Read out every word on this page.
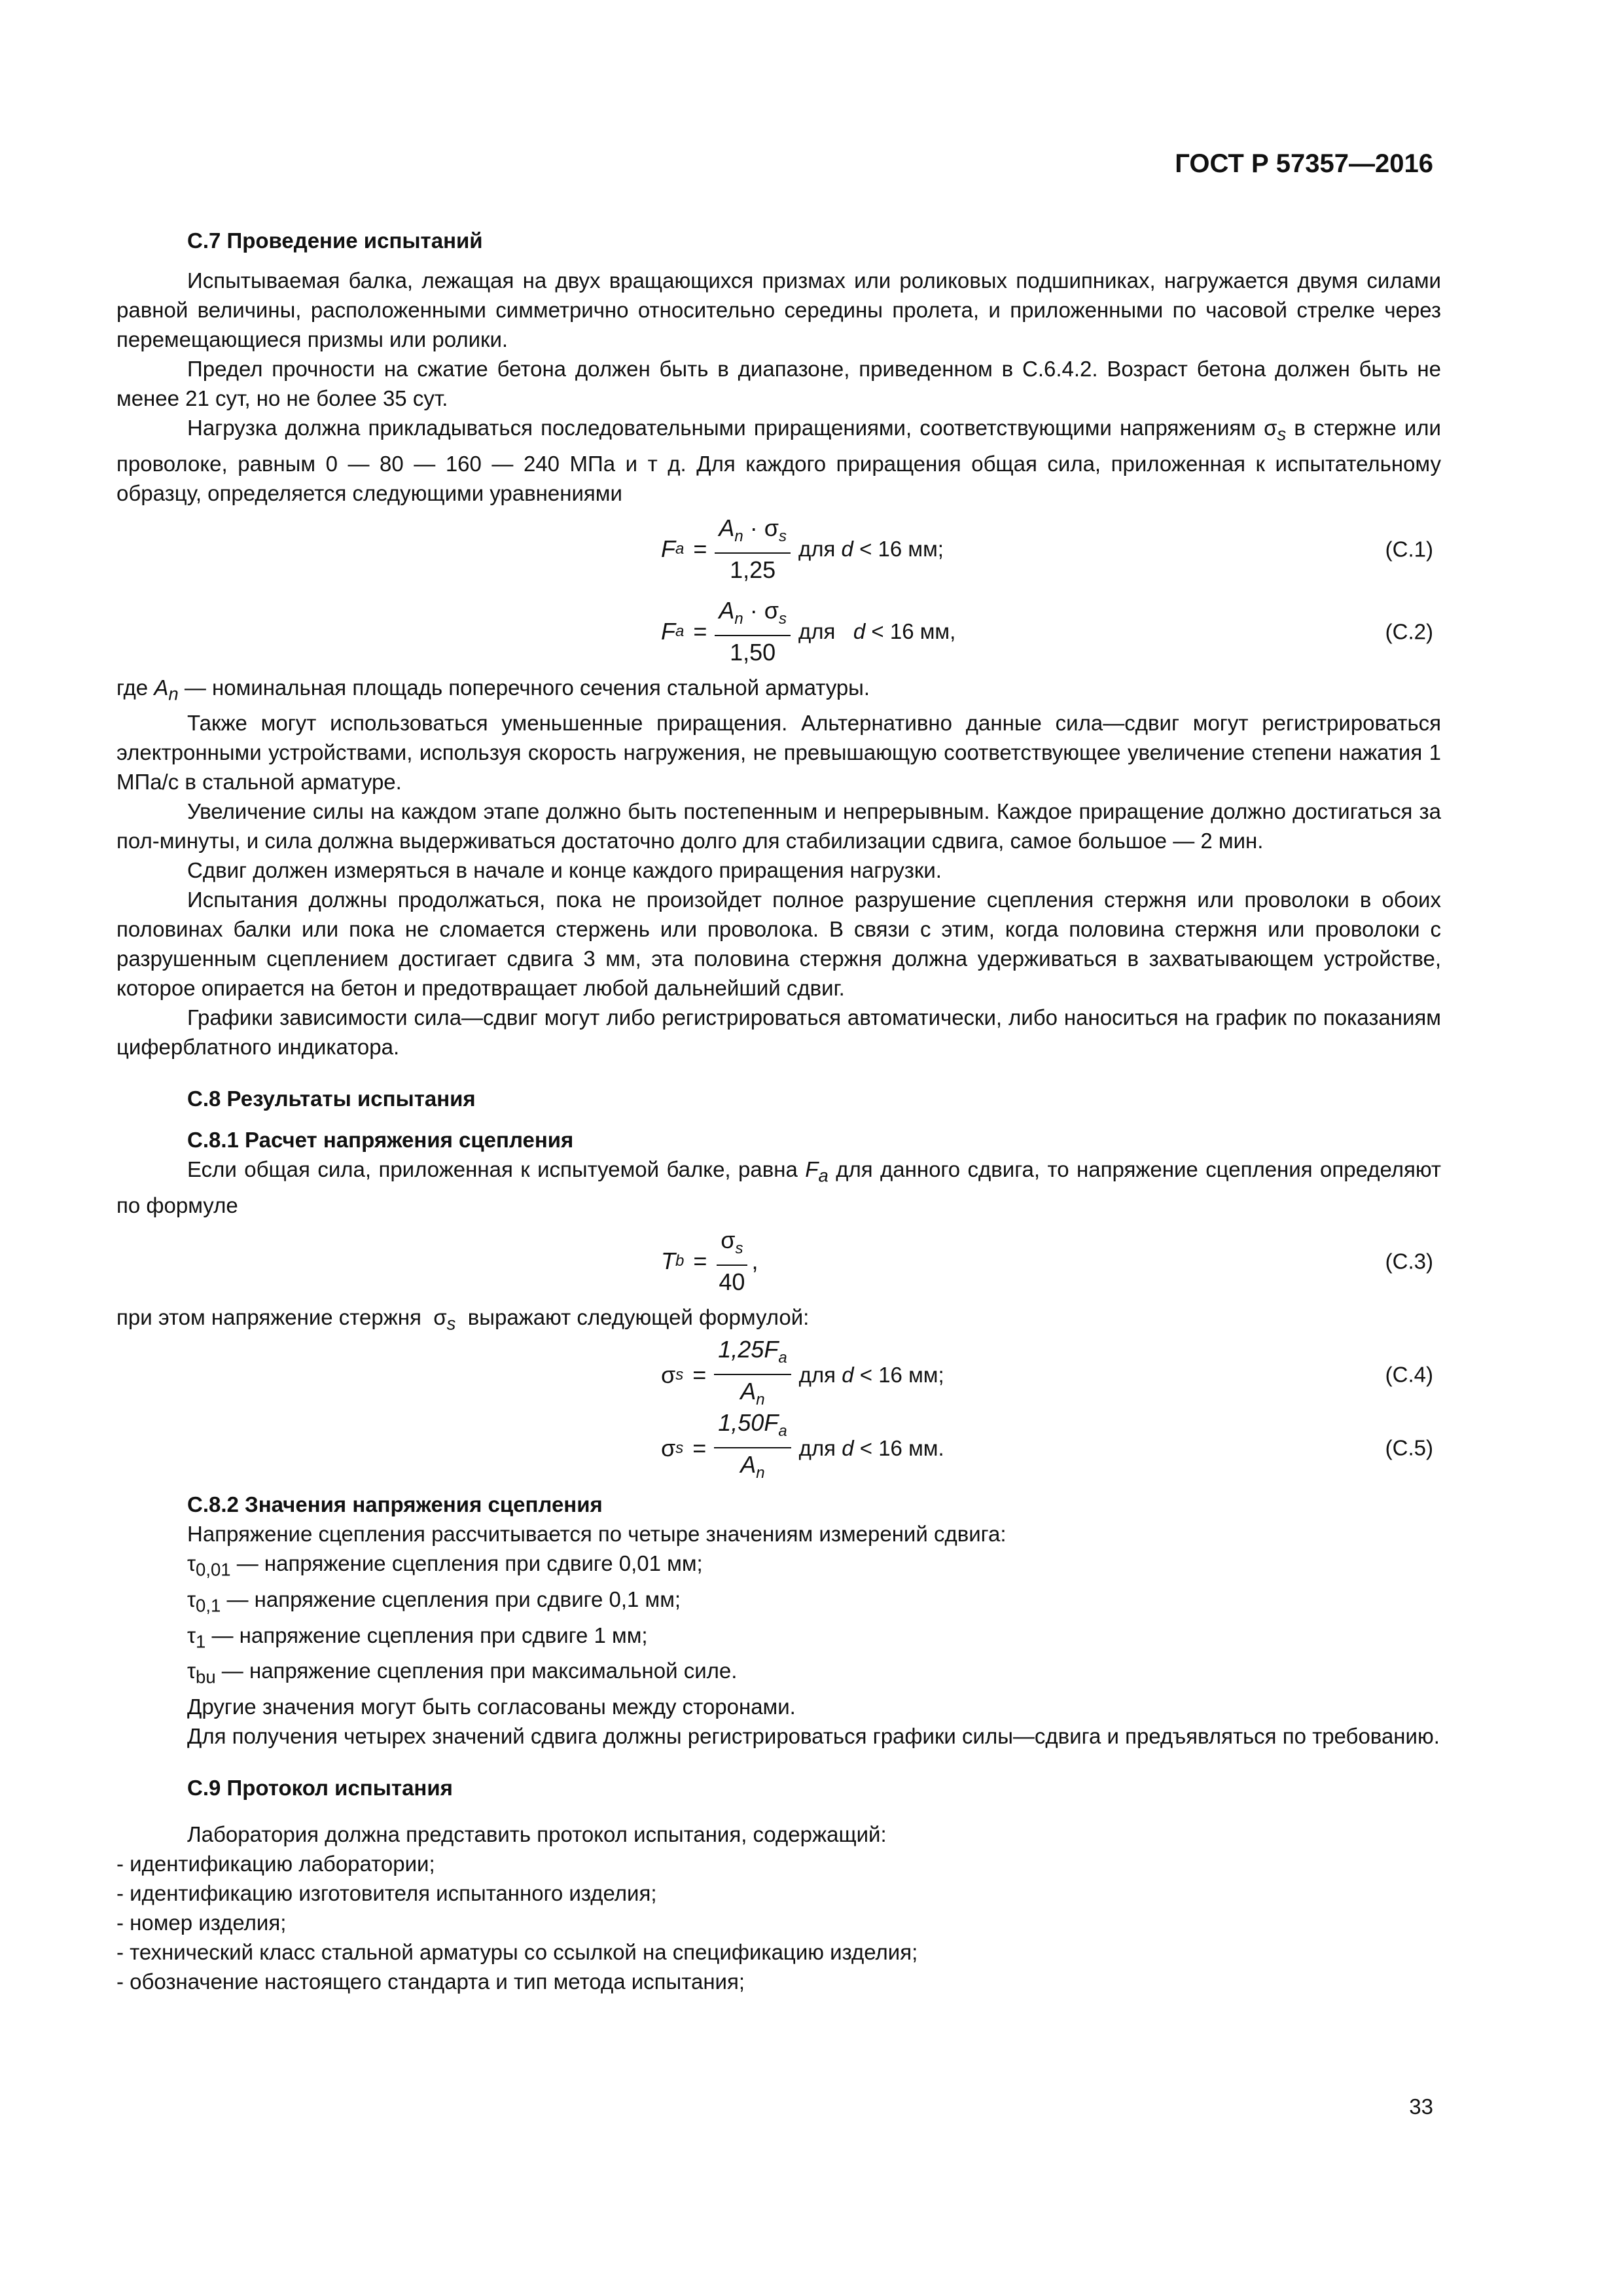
ГОСТ Р 57357—2016
С.7 Проведение испытаний

Испытываемая балка, лежащая на двух вращающихся призмах или роликовых подшипниках, нагружается двумя силами равной величины, расположенными симметрично относительно середины пролета, и приложенными по часовой стрелке через перемещающиеся призмы или ролики.

Предел прочности на сжатие бетона должен быть в диапазоне, приведенном в С.6.4.2. Возраст бетона должен быть не менее 21 сут, но не более 35 сут.

Нагрузка должна прикладываться последовательными приращениями, соответствующими напряжениям $\sigma_s$ в стержне или проволоке, равным 0 — 80 — 160 — 240 МПа и т д. Для каждого приращения общая сила, приложенная к испытательному образцу, определяется следующими уравнениями

F $a = \frac{A_n \cdot \sigma_s}{1,25}$ для d < 16 мм;	(С.1)
F $a = \frac{A_n \cdot \sigma_s}{1,50}$ для   d < 16 мм,	(С.2)

где $A_n$ — номинальная площадь поперечного сечения стальной арматуры.

Также могут использоваться уменьшенные приращения. Альтернативно данные сила—сдвиг могут регистрироваться электронными устройствами, используя скорость нагружения, не превышающую соответствующее увеличение степени нажатия 1 МПа/с в стальной арматуре.

Увеличение силы на каждом этапе должно быть постепенным и непрерывным. Каждое приращение должно достигаться за пол-минуты, и сила должна выдерживаться достаточно долго для стабилизации сдвига, самое большое — 2 мин.

Сдвиг должен измеряться в начале и конце каждого приращения нагрузки.

Испытания должны продолжаться, пока не произойдет полное разрушение сцепления стержня или проволоки в обоих половинах балки или пока не сломается стержень или проволока. В связи с этим, когда половина стержня или проволоки с разрушенным сцеплением достигает сдвига 3 мм, эта половина стержня должна удерживаться в захватывающем устройстве, которое опирается на бетон и предотвращает любой дальнейший сдвиг.

Графики зависимости сила—сдвиг могут либо регистрироваться автоматически, либо наноситься на график по показаниям циферблатного индикатора.

С.8 Результаты испытания
С.8.1 Расчет напряжения сцепления

Если общая сила, приложенная к испытуемой балке, равна $F_a$ для данного сдвига, то напряжение сцепления определяют по формуле

T $b = \frac{\sigma_s}{40}$ ,	(С.3)

при этом напряжение стержня  $\sigma_s$  выражают следующей формулой:

σ $s = \frac{1,25F_a}{A_n}$ для d < 16 мм;	(С.4)
σ $s = \frac{1,50F_a}{A_n}$ для d < 16 мм.	(С.5)
С.8.2 Значения напряжения сцепления

Напряжение сцепления рассчитывается по четыре значениям измерений сдвига:

$\tau_{0,01}$ — напряжение сцепления при сдвиге 0,01 мм;
$\tau_{0,1}$ — напряжение сцепления при сдвиге 0,1 мм;
$\tau_1$ — напряжение сцепления при сдвиге 1 мм;
$\tau_{bu}$ — напряжение сцепления при максимальной силе.

Другие значения могут быть согласованы между сторонами.

Для получения четырех значений сдвига должны регистрироваться графики силы—сдвига и предъявляться по требованию.

С.9 Протокол испытания

Лаборатория должна представить протокол испытания, содержащий:

- идентификацию лаборатории;
- идентификацию изготовителя испытанного изделия;
- номер изделия;
- технический класс стальной арматуры со ссылкой на спецификацию изделия;
- обозначение настоящего стандарта и тип метода испытания;
33
